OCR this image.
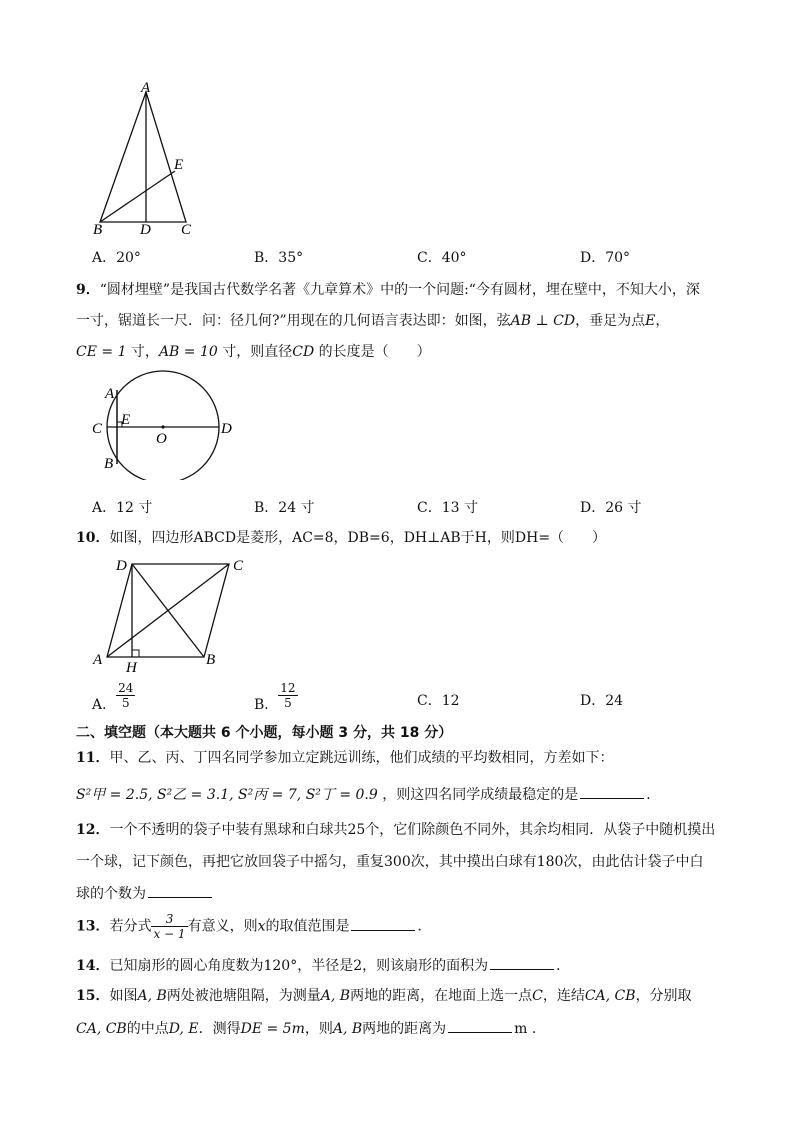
A
E
B	D C
A．20°	B．35°	C．40°	D．70°
9．“圆材埋壁”是我国古代数学名著《九章算术》中的一个问题:“今有圆材，埋在壁中，不知大小，深
一寸，锯道长一尺．问：径几何?”用现在的几何语言表达即：如图，弦AB ⊥ CD，垂足为点E，
CE = 1 寸，AB = 10 寸，则直径CD 的长度是（　　）
A
E
C
O
D
B
A．12 寸	B．24 寸	C．13 寸	D．26 寸
10．如图，四边形ABCD是菱形，AC=8，DB=6，DH⊥AB于H，则DH=（　　）
D	C
A H	B
A． $\frac{24}{5}$	B． $\frac{12}{5}$	C．12	D．24
二、填空题（本大题共 6 个小题，每小题 3 分，共 18 分）
11．甲、乙、丙、丁四名同学参加立定跳远训练，他们成绩的平均数相同，方差如下：
S²甲 = 2.5, S²乙 = 3.1, S²丙 = 7, S²丁 = 0.9 ，则这四名同学成绩最稳定的是	．
12．一个不透明的袋子中装有黑球和白球共25个，它们除颜色不同外，其余均相同．从袋子中随机摸出
一个球，记下颜色，再把它放回袋子中摇匀，重复300次，其中摸出白球有180次，由此估计袋子中白
球的个数为
13．若分式 $\frac{3}{x - 1}$ 有意义，则x的取值范围是	．
14．已知扇形的圆心角度数为120°，半径是2，则该扇形的面积为	．
15．如图A, B两处被池塘阻隔，为测量A, B两地的距离，在地面上选一点C，连结CA, CB，分别取
CA, CB的中点D, E．测得DE = 5m，则A, B两地的距离为	m ．
